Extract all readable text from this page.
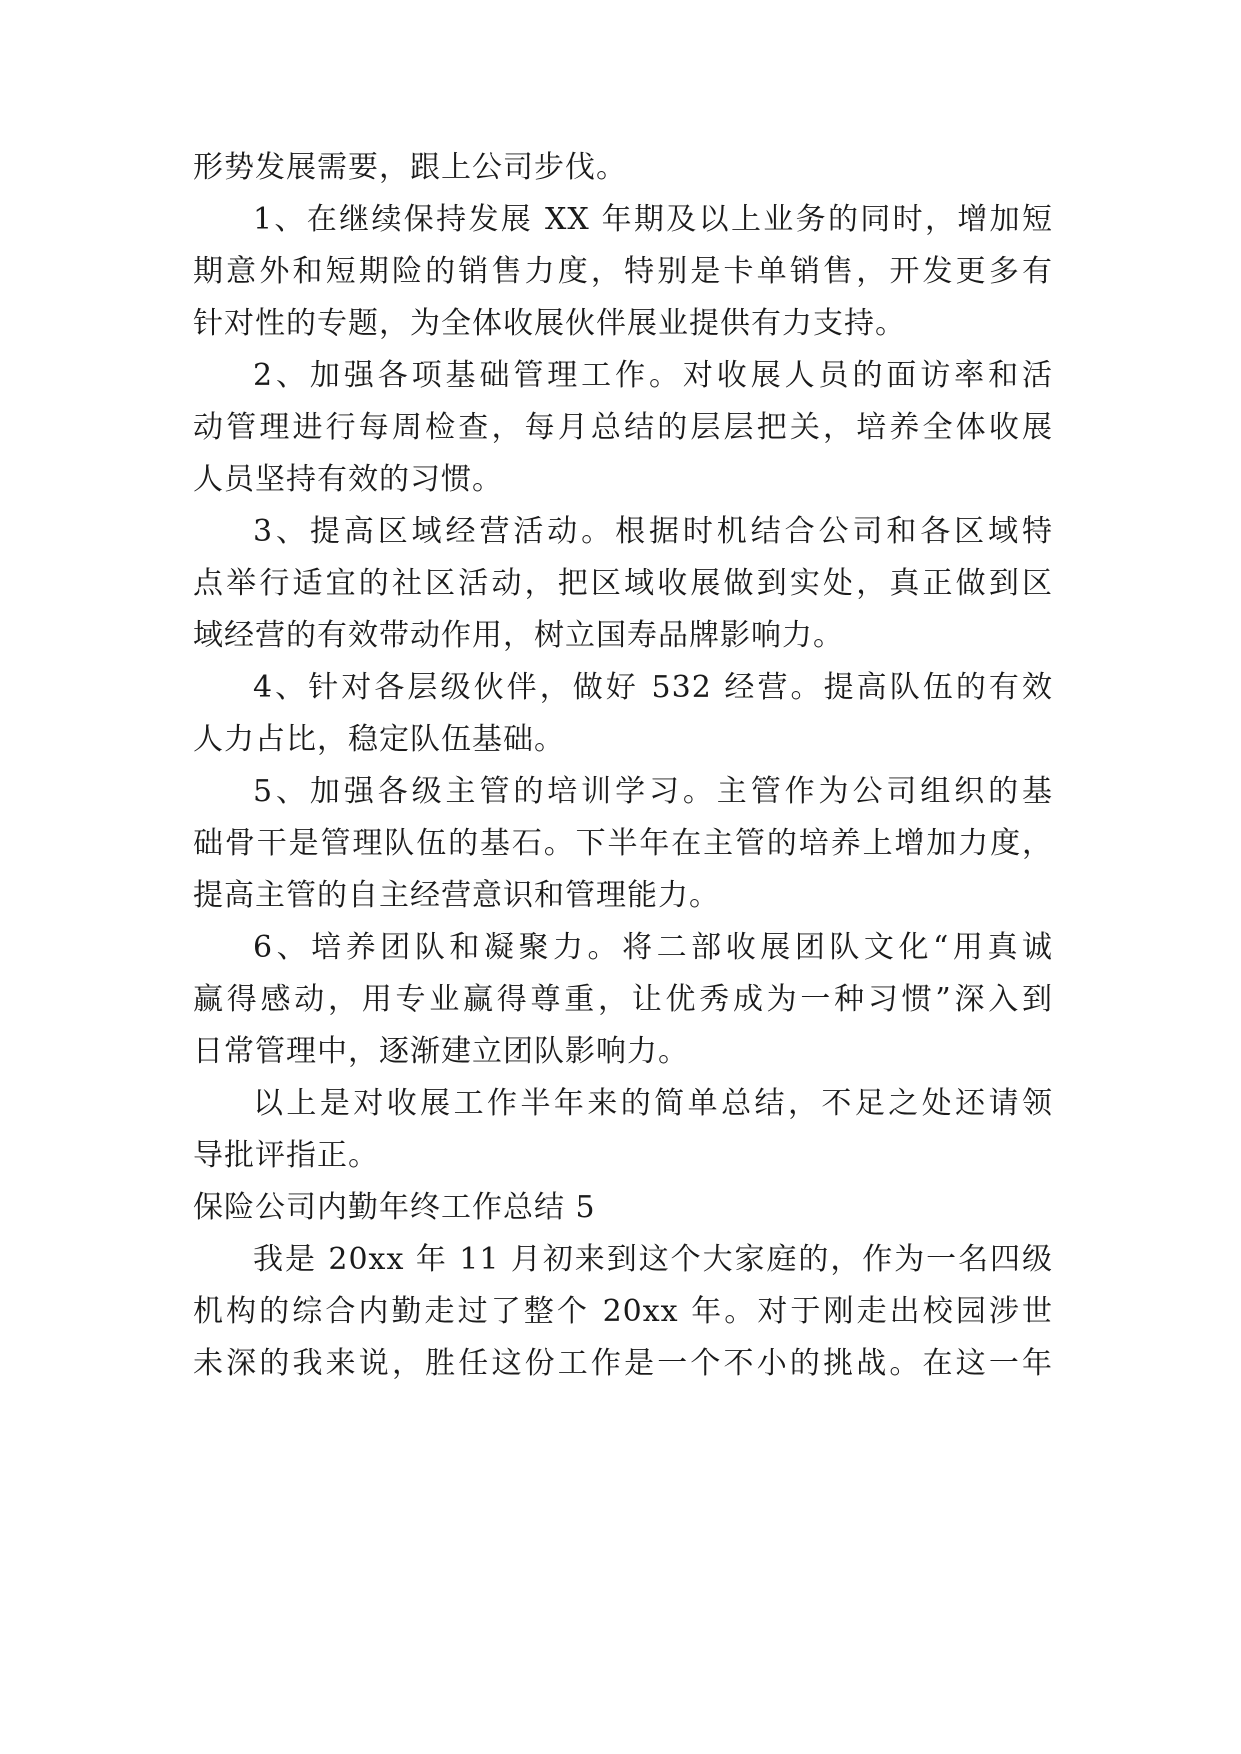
形势发展需要，跟上公司步伐。
1、在继续保持发展 XX 年期及以上业务的同时，增加短
期意外和短期险的销售力度，特别是卡单销售，开发更多有
针对性的专题，为全体收展伙伴展业提供有力支持。
2、加强各项基础管理工作。对收展人员的面访率和活
动管理进行每周检查，每月总结的层层把关，培养全体收展
人员坚持有效的习惯。
3、提高区域经营活动。根据时机结合公司和各区域特
点举行适宜的社区活动，把区域收展做到实处，真正做到区
域经营的有效带动作用，树立国寿品牌影响力。
4、针对各层级伙伴，做好 532 经营。提高队伍的有效
人力占比，稳定队伍基础。
5、加强各级主管的培训学习。主管作为公司组织的基
础骨干是管理队伍的基石。下半年在主管的培养上增加力度，
提高主管的自主经营意识和管理能力。
6、培养团队和凝聚力。将二部收展团队文化“用真诚
赢得感动，用专业赢得尊重，让优秀成为一种习惯”深入到
日常管理中，逐渐建立团队影响力。
以上是对收展工作半年来的简单总结，不足之处还请领
导批评指正。
保险公司内勤年终工作总结 5
我是 20xx 年 11 月初来到这个大家庭的，作为一名四级
机构的综合内勤走过了整个 20xx 年。对于刚走出校园涉世
未深的我来说，胜任这份工作是一个不小的挑战。在这一年
